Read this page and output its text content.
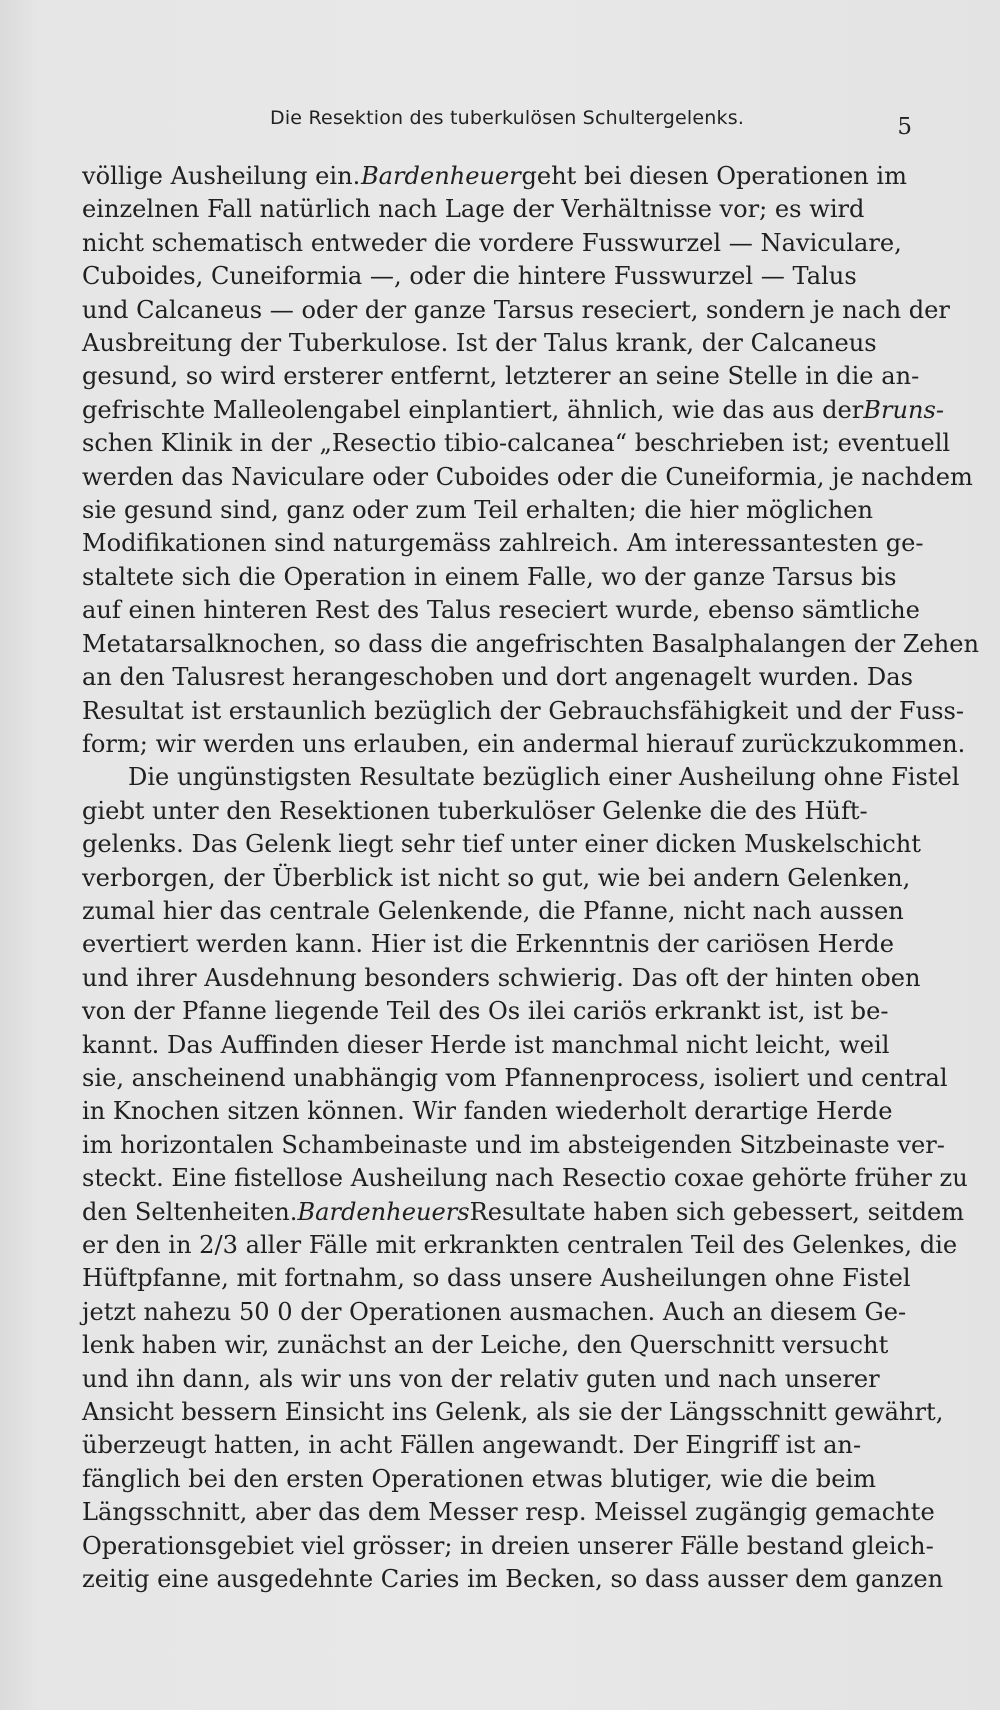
Die Resektion des tuberkulösen Schultergelenks.	5
völlige Ausheilung ein. Bardenheuer geht bei diesen Operationen im
einzelnen Fall natürlich nach Lage der Verhältnisse vor; es wird
nicht schematisch entweder die vordere Fusswurzel — Naviculare,
Cuboides, Cuneiformia —, oder die hintere Fusswurzel — Talus
und Calcaneus — oder der ganze Tarsus reseciert, sondern je nach der
Ausbreitung der Tuberkulose. Ist der Talus krank, der Calcaneus
gesund, so wird ersterer entfernt, letzterer an seine Stelle in die an-
gefrischte Malleolengabel einplantiert, ähnlich, wie das aus der Bruns-
schen Klinik in der „Resectio tibio-calcanea“ beschrieben ist; eventuell
werden das Naviculare oder Cuboides oder die Cuneiformia, je nachdem
sie gesund sind, ganz oder zum Teil erhalten; die hier möglichen
Modifikationen sind naturgemäss zahlreich. Am interessantesten ge-
staltete sich die Operation in einem Falle, wo der ganze Tarsus bis
auf einen hinteren Rest des Talus reseciert wurde, ebenso sämtliche
Metatarsalknochen, so dass die angefrischten Basalphalangen der Zehen
an den Talusrest herangeschoben und dort angenagelt wurden. Das
Resultat ist erstaunlich bezüglich der Gebrauchsfähigkeit und der Fuss-
form; wir werden uns erlauben, ein andermal hierauf zurückzukommen.
Die ungünstigsten Resultate bezüglich einer Ausheilung ohne Fistel
giebt unter den Resektionen tuberkulöser Gelenke die des Hüft-
gelenks. Das Gelenk liegt sehr tief unter einer dicken Muskelschicht
verborgen, der Überblick ist nicht so gut, wie bei andern Gelenken,
zumal hier das centrale Gelenkende, die Pfanne, nicht nach aussen
evertiert werden kann. Hier ist die Erkenntnis der cariösen Herde
und ihrer Ausdehnung besonders schwierig. Das oft der hinten oben
von der Pfanne liegende Teil des Os ilei cariös erkrankt ist, ist be-
kannt. Das Auffinden dieser Herde ist manchmal nicht leicht, weil
sie, anscheinend unabhängig vom Pfannenprocess, isoliert und central
in Knochen sitzen können. Wir fanden wiederholt derartige Herde
im horizontalen Schambeinaste und im absteigenden Sitzbeinaste ver-
steckt. Eine fistellose Ausheilung nach Resectio coxae gehörte früher zu
den Seltenheiten. Bardenheuers Resultate haben sich gebessert, seitdem
er den in 2/3 aller Fälle mit erkrankten centralen Teil des Gelenkes, die
Hüftpfanne, mit fortnahm, so dass unsere Ausheilungen ohne Fistel
jetzt nahezu 50 0 der Operationen ausmachen. Auch an diesem Ge-
lenk haben wir, zunächst an der Leiche, den Querschnitt versucht
und ihn dann, als wir uns von der relativ guten und nach unserer
Ansicht bessern Einsicht ins Gelenk, als sie der Längsschnitt gewährt,
überzeugt hatten, in acht Fällen angewandt. Der Eingriff ist an-
fänglich bei den ersten Operationen etwas blutiger, wie die beim
Längsschnitt, aber das dem Messer resp. Meissel zugängig gemachte
Operationsgebiet viel grösser; in dreien unserer Fälle bestand gleich-
zeitig eine ausgedehnte Caries im Becken, so dass ausser dem ganzen
